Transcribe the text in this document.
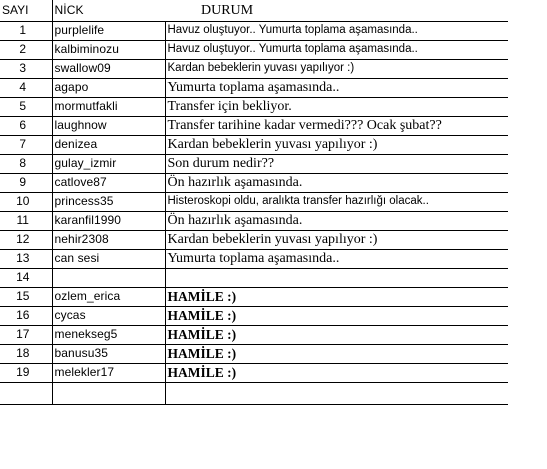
SAYI	NİCK	DURUM
1	purplelife	Havuz oluştuyor.. Yumurta toplama aşamasında..
2	kalbiminozu	Havuz oluştuyor.. Yumurta toplama aşamasında..
3	swallow09	Kardan bebeklerin yuvası yapılıyor :)
4	agapo	Yumurta toplama aşamasında..
5	mormutfakli	Transfer için bekliyor.
6	laughnow	Transfer tarihine kadar vermedi??? Ocak şubat??
7	denizea	Kardan bebeklerin yuvası yapılıyor :)
8	gulay_izmir	Son durum nedir??
9	catlove87	Ön hazırlık aşamasında.
10	princess35	Histeroskopi oldu, aralıkta transfer hazırlığı olacak..
11	karanfil1990	Ön hazırlık aşamasında.
12	nehir2308	Kardan bebeklerin yuvası yapılıyor :)
13	can sesi	Yumurta toplama aşamasında..
14		
15	ozlem_erica	HAMİLE :)
16	cycas	HAMİLE :)
17	menekseg5	HAMİLE :)
18	banusu35	HAMİLE :)
19	melekler17	HAMİLE :)
